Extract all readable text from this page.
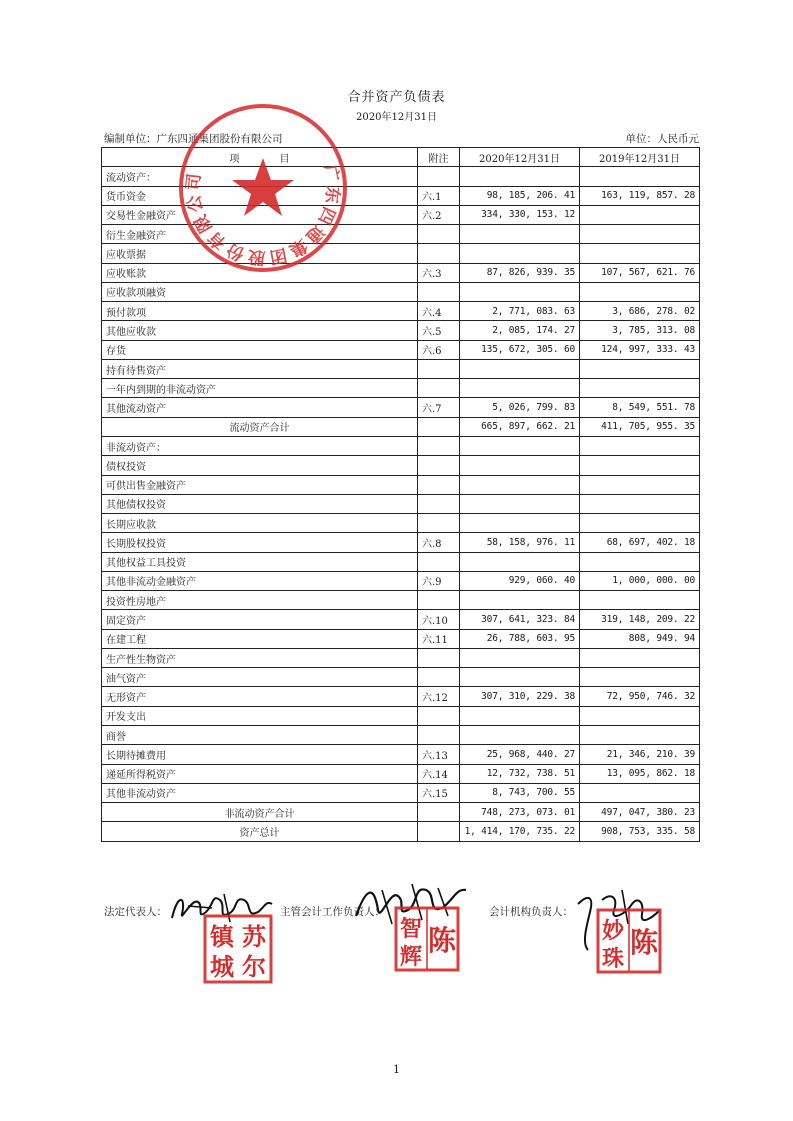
合并资产负债表
2020年12月31日
编制单位：广东四通集团股份有限公司	单位：人民币元
项　　　　目	附注	2020年12月31日	2019年12月31日
流动资产：			
货币资金	六.1	98, 185, 206. 41	163, 119, 857. 28
交易性金融资产	六.2	334, 330, 153. 12	
衍生金融资产			
应收票据			
应收账款	六.3	87, 826, 939. 35	107, 567, 621. 76
应收款项融资			
预付款项	六.4	2, 771, 083. 63	3, 686, 278. 02
其他应收款	六.5	2, 085, 174. 27	3, 785, 313. 08
存货	六.6	135, 672, 305. 60	124, 997, 333. 43
持有待售资产			
一年内到期的非流动资产			
其他流动资产	六.7	5, 026, 799. 83	8, 549, 551. 78
流动资产合计		665, 897, 662. 21	411, 705, 955. 35
非流动资产：			
债权投资			
可供出售金融资产			
其他债权投资			
长期应收款			
长期股权投资	六.8	58, 158, 976. 11	68, 697, 402. 18
其他权益工具投资			
其他非流动金融资产	六.9	929, 060. 40	1, 000, 000. 00
投资性房地产			
固定资产	六.10	307, 641, 323. 84	319, 148, 209. 22
在建工程	六.11	26, 788, 603. 95	808, 949. 94
生产性生物资产			
油气资产			
无形资产	六.12	307, 310, 229. 38	72, 950, 746. 32
开发支出			
商誉			
长期待摊费用	六.13	25, 968, 440. 27	21, 346, 210. 39
递延所得税资产	六.14	12, 732, 738. 51	13, 095, 862. 18
其他非流动资产	六.15	8, 743, 700. 55	
非流动资产合计		748, 273, 073. 01	497, 047, 380. 23
资产总计		1, 414, 170, 735. 22	908, 753, 335. 58
广东四通集团股份有限公司
法定代表人：	主管会计工作负责人：	会计机构负责人：
苏
镇
尔
城
陈
智
辉	陈
妙
珠
1
